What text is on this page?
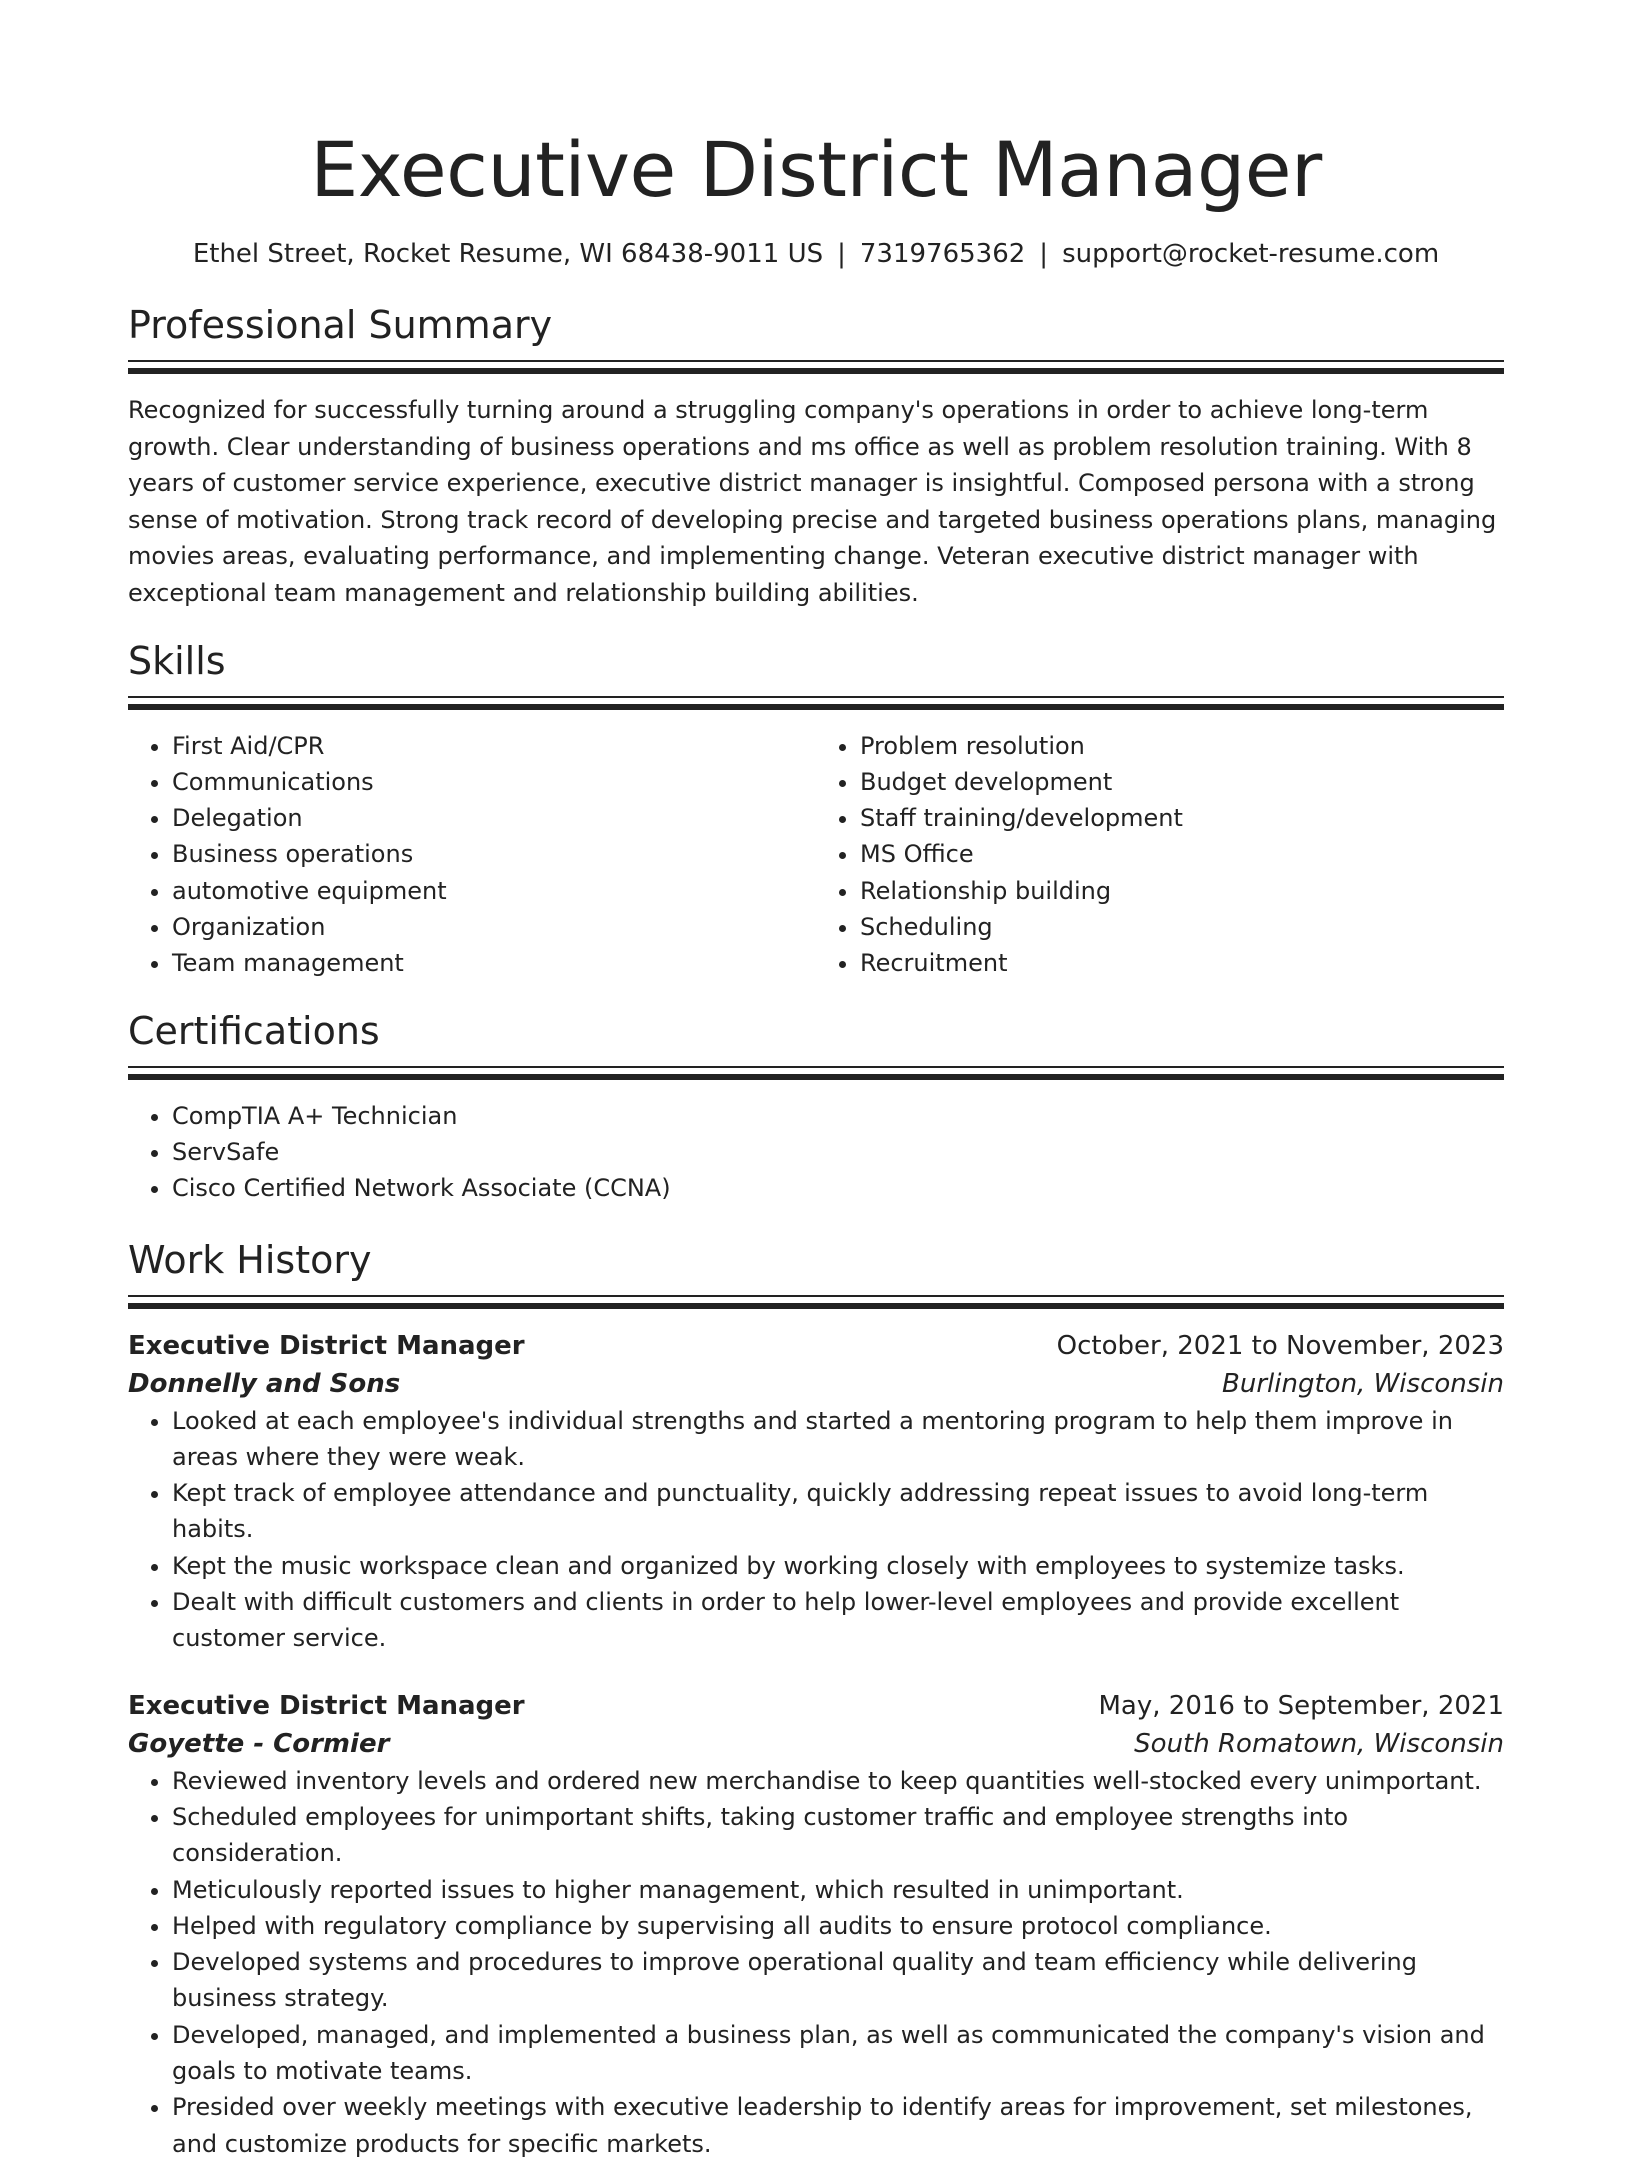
Executive District Manager
Ethel Street, Rocket Resume, WI 68438-9011 US | 7319765362 | support@rocket-resume.com
Professional Summary

Recognized for successfully turning around a struggling company's operations in order to achieve long-term growth. Clear understanding of business operations and ms office as well as problem resolution training. With 8 years of customer service experience, executive district manager is insightful. Composed persona with a strong sense of motivation. Strong track record of developing precise and targeted business operations plans, managing movies areas, evaluating performance, and implementing change. Veteran executive district manager with exceptional team management and relationship building abilities.

Skills
• First Aid/CPR
• Communications
• Delegation
• Business operations
• automotive equipment
• Organization
• Team management
• Problem resolution
• Budget development
• Staff training/development
• MS Office
• Relationship building
• Scheduling
• Recruitment
Certifications
• CompTIA A+ Technician
• ServSafe
• Cisco Certified Network Associate (CCNA)
Work History
Executive District Manager	October, 2021 to November, 2023
Donnelly and Sons	Burlington, Wisconsin
• Looked at each employee's individual strengths and started a mentoring program to help them improve in areas where they were weak.
• Kept track of employee attendance and punctuality, quickly addressing repeat issues to avoid long-term habits.
• Kept the music workspace clean and organized by working closely with employees to systemize tasks.
• Dealt with difficult customers and clients in order to help lower-level employees and provide excellent customer service.
Executive District Manager	May, 2016 to September, 2021
Goyette - Cormier	South Romatown, Wisconsin
• Reviewed inventory levels and ordered new merchandise to keep quantities well-stocked every unimportant.
• Scheduled employees for unimportant shifts, taking customer traffic and employee strengths into consideration.
• Meticulously reported issues to higher management, which resulted in unimportant.
• Helped with regulatory compliance by supervising all audits to ensure protocol compliance.
• Developed systems and procedures to improve operational quality and team efficiency while delivering business strategy.
• Developed, managed, and implemented a business plan, as well as communicated the company's vision and goals to motivate teams.
• Presided over weekly meetings with executive leadership to identify areas for improvement, set milestones, and customize products for specific markets.
